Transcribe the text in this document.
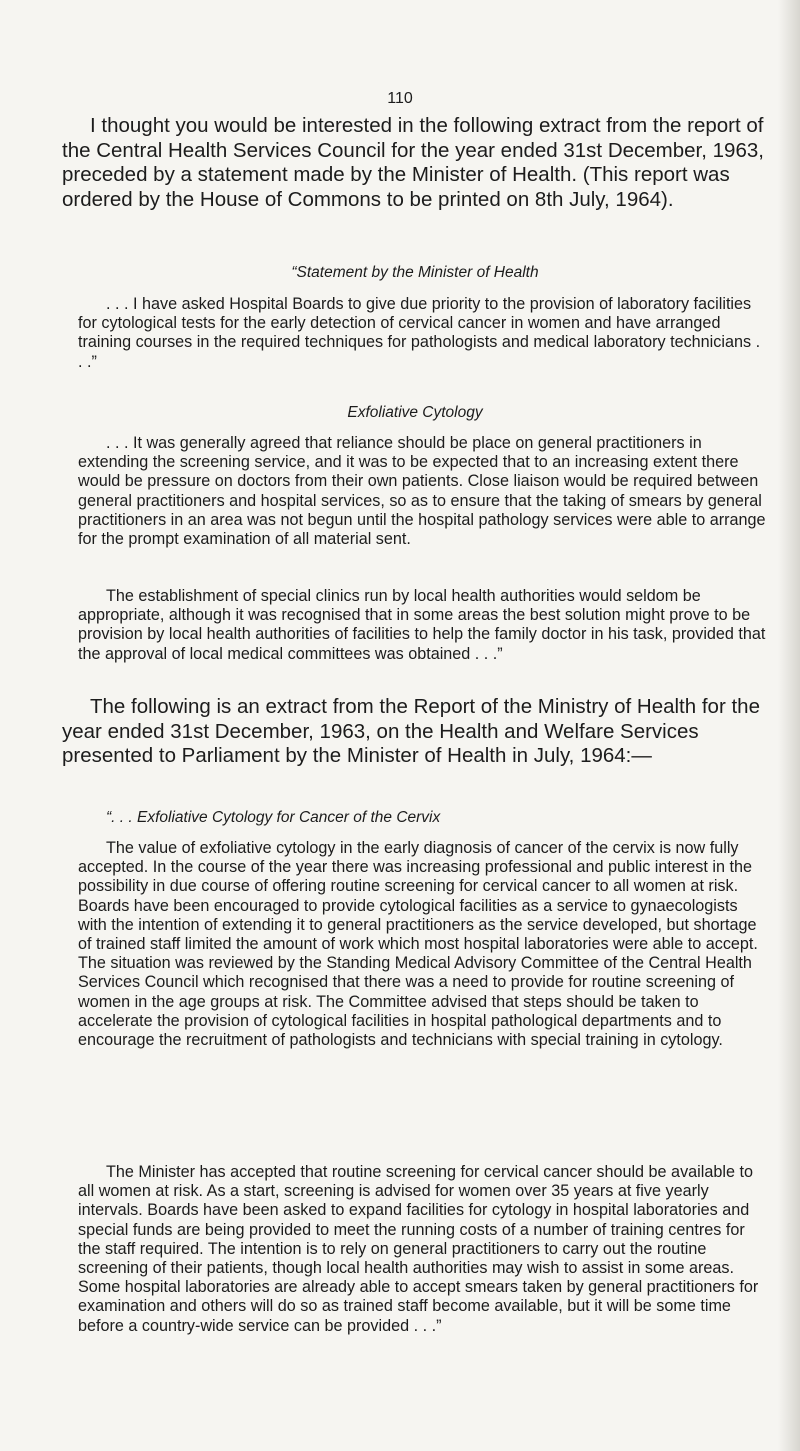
110

I thought you would be interested in the following extract from the report of the Central Health Services Council for the year ended 31st December, 1963, preceded by a statement made by the Minister of Health. (This report was ordered by the House of Commons to be printed on 8th July, 1964).

“Statement by the Minister of Health

. . . I have asked Hospital Boards to give due priority to the provision of laboratory facilities for cytological tests for the early detection of cervical cancer in women and have arranged training courses in the required techniques for pathologists and medical laboratory technicians . . .”

Exfoliative Cytology

. . . It was generally agreed that reliance should be place on general practitioners in extending the screening service, and it was to be expected that to an increasing extent there would be pressure on doctors from their own patients. Close liaison would be required between general practitioners and hospital services, so as to ensure that the taking of smears by general practitioners in an area was not begun until the hospital pathology services were able to arrange for the prompt examination of all material sent.

The establishment of special clinics run by local health authorities would seldom be appropriate, although it was recognised that in some areas the best solution might prove to be provision by local health authorities of facilities to help the family doctor in his task, provided that the approval of local medical committees was obtained . . .”

The following is an extract from the Report of the Ministry of Health for the year ended 31st December, 1963, on the Health and Welfare Services presented to Parliament by the Minister of Health in July, 1964:—

“. . . Exfoliative Cytology for Cancer of the Cervix

The value of exfoliative cytology in the early diagnosis of cancer of the cervix is now fully accepted. In the course of the year there was increasing professional and public interest in the possibility in due course of offering routine screening for cervical cancer to all women at risk. Boards have been encouraged to provide cytological facilities as a service to gynaecologists with the intention of extending it to general practitioners as the service developed, but shortage of trained staff limited the amount of work which most hospital laboratories were able to accept. The situation was reviewed by the Standing Medical Advisory Committee of the Central Health Services Council which recognised that there was a need to provide for routine screening of women in the age groups at risk. The Committee advised that steps should be taken to accelerate the provision of cytological facilities in hospital pathological departments and to encourage the recruitment of pathologists and technicians with special training in cytology.

The Minister has accepted that routine screening for cervical cancer should be available to all women at risk. As a start, screening is advised for women over 35 years at five yearly intervals. Boards have been asked to expand facilities for cytology in hospital laboratories and special funds are being provided to meet the running costs of a number of training centres for the staff required. The intention is to rely on general practitioners to carry out the routine screening of their patients, though local health authorities may wish to assist in some areas. Some hospital laboratories are already able to accept smears taken by general practitioners for examination and others will do so as trained staff become available, but it will be some time before a country-wide service can be provided . . .”
